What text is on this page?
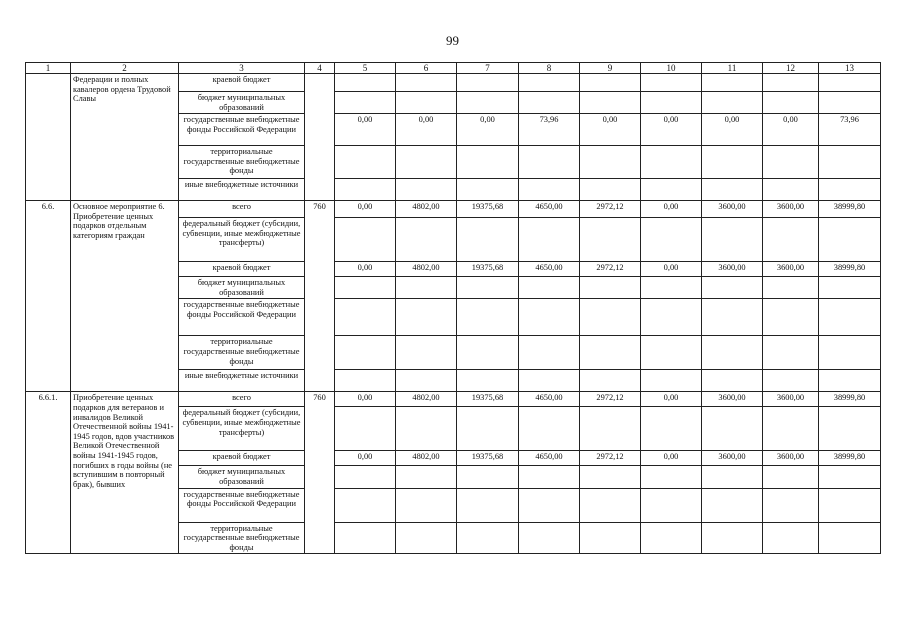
99
1	2	3	4	5	6	7	8	9	10	11	12	13
	Федерации и полных кавалеров ордена Трудовой Славы	краевой бюджет										
		бюджет муниципальных образований										
		государственные внебюджетные фонды Российской Федерации		0,00	0,00	0,00	73,96	0,00	0,00	0,00	0,00	73,96
		территориальные государственные внебюджетные фонды										
		иные внебюджетные источники										
6.6.	Основное мероприятие 6. Приобретение ценных подарков отдельным категориям граждан	всего	760	0,00	4802,00	19375,68	4650,00	2972,12	0,00	3600,00	3600,00	38999,80
		федеральный бюджет (субсидии, субвенции, иные межбюджетные трансферты)										
		краевой бюджет		0,00	4802,00	19375,68	4650,00	2972,12	0,00	3600,00	3600,00	38999,80
		бюджет муниципальных образований										
		государственные внебюджетные фонды Российской Федерации										
		территориальные государственные внебюджетные фонды										
		иные внебюджетные источники										
6.6.1.	Приобретение ценных подарков для ветеранов и инвалидов Великой Отечественной войны 1941-1945 годов, вдов участников Великой Отечественной войны 1941-1945 годов, погибших в годы войны (не вступившим в повторный брак), бывших	всего	760	0,00	4802,00	19375,68	4650,00	2972,12	0,00	3600,00	3600,00	38999,80
		федеральный бюджет (субсидии, субвенции, иные межбюджетные трансферты)										
		краевой бюджет		0,00	4802,00	19375,68	4650,00	2972,12	0,00	3600,00	3600,00	38999,80
		бюджет муниципальных образований										
		государственные внебюджетные фонды Российской Федерации										
		территориальные государственные внебюджетные фонды										
